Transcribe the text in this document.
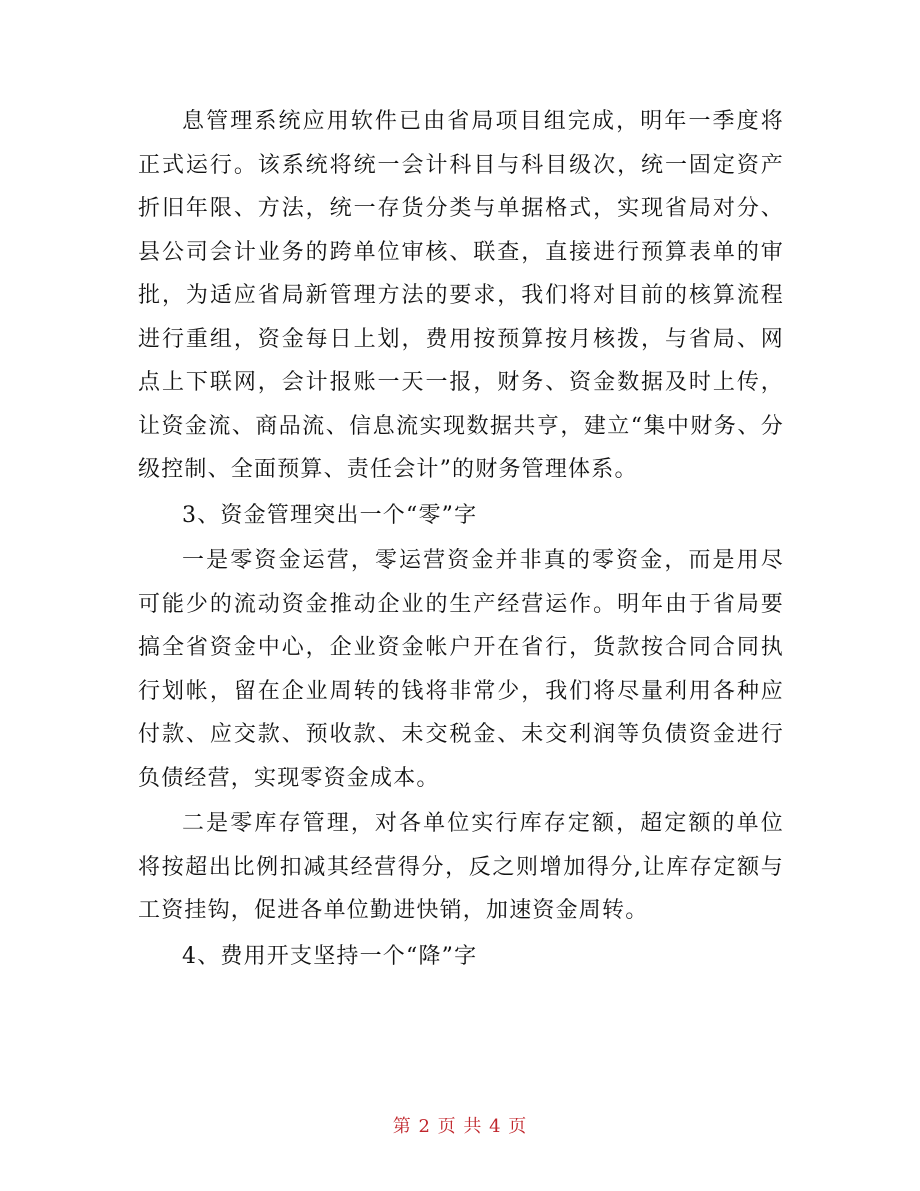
息管理系统应用软件已由省局项目组完成，明年一季度将正式运行。该系统将统一会计科目与科目级次，统一固定资产折旧年限、方法，统一存货分类与单据格式，实现省局对分、县公司会计业务的跨单位审核、联查，直接进行预算表单的审批，为适应省局新管理方法的要求，我们将对目前的核算流程进行重组，资金每日上划，费用按预算按月核拨，与省局、网点上下联网，会计报账一天一报，财务、资金数据及时上传，让资金流、商品流、信息流实现数据共亨，建立“集中财务、分级控制、全面预算、责任会计”的财务管理体系。

3、资金管理突出一个“零”字

一是零资金运营，零运营资金并非真的零资金，而是用尽可能少的流动资金推动企业的生产经营运作。明年由于省局要搞全省资金中心，企业资金帐户开在省行，货款按合同合同执行划帐，留在企业周转的钱将非常少，我们将尽量利用各种应付款、应交款、预收款、未交税金、未交利润等负债资金进行负债经营，实现零资金成本。

二是零库存管理，对各单位实行库存定额，超定额的单位将按超出比例扣减其经营得分，反之则增加得分,让库存定额与工资挂钩，促进各单位勤进快销，加速资金周转。

4、费用开支坚持一个“降”字

第 2 页 共 4 页
